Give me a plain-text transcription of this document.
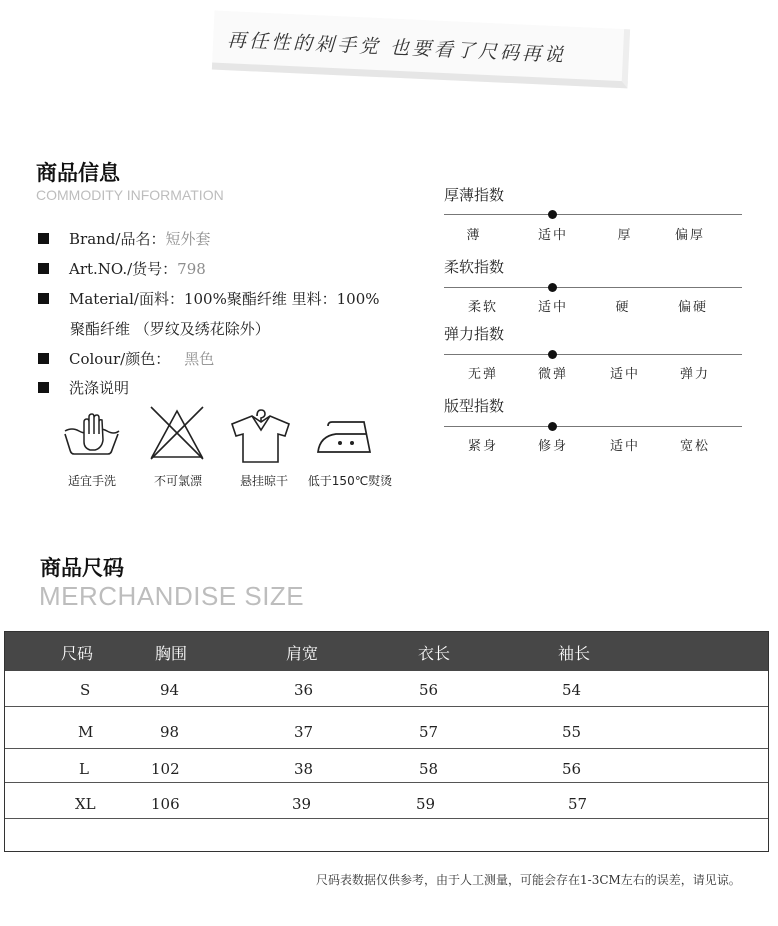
再任性的剁手党 也要看了尺码再说
商品信息
COMMODITY INFORMATION
Brand/品名：短外套
Art.NO./货号：798
Material/面料：100%聚酯纤维 里料：100%
聚酯纤维 （罗纹及绣花除外）
Colour/颜色： 黑色
洗涤说明
适宜手洗	不可氯漂	悬挂晾干	低于150℃熨烫
厚薄指数
薄	适中	厚	偏厚
柔软指数
柔软	适中	硬	偏硬
弹力指数
无弹	微弹	适中	弹力
版型指数
紧身	修身	适中	宽松
商品尺码
MERCHANDISE SIZE
尺码	胸围	肩宽	衣长	袖长
S	94	36	56	54
M	98	37	57	55
L	102	38	58	56
XL	106	39	59	57
尺码表数据仅供参考，由于人工测量，可能会存在1-3CM左右的误差，请见谅。
